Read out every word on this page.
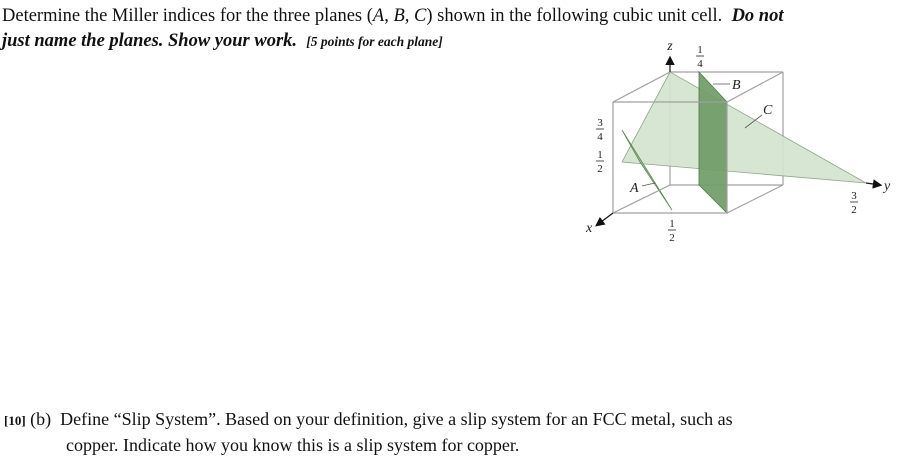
Determine the Miller indices for the three planes (A, B, C) shown in the following cubic unit cell. Do not
just name the planes. Show your work. [5 points for each plane]	z
y
x
1
4
3
4
1
2
1
2
3
2
B
C
A
[10] (b) Define “Slip System”. Based on your definition, give a slip system for an FCC metal, such as
copper. Indicate how you know this is a slip system for copper.
